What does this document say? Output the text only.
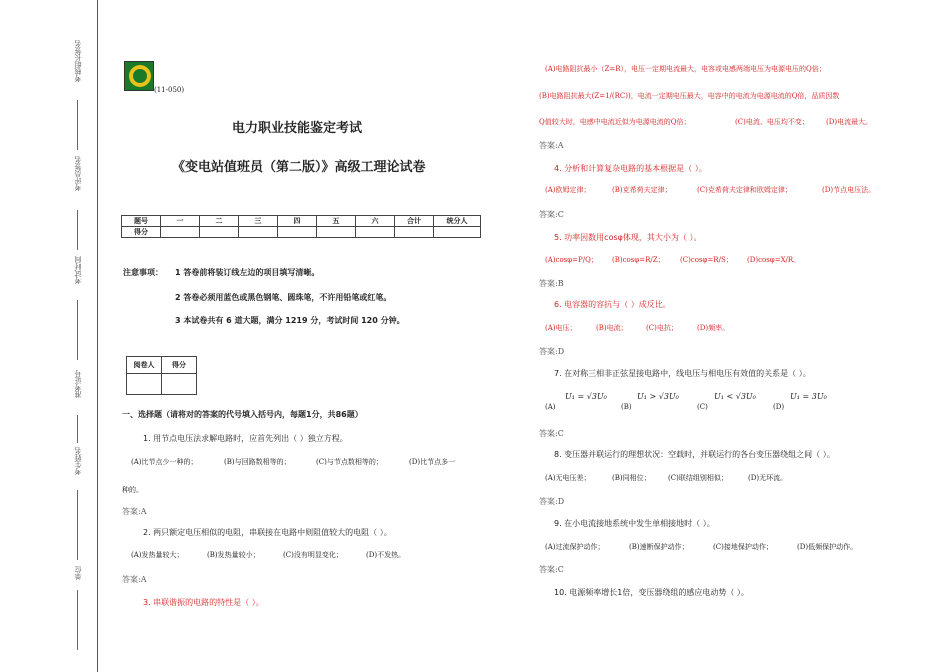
考核组长签名
考评员签名
考试时间
准考证号
考生姓名
单位
(11-050)
电力职业技能鉴定考试
《变电站值班员（第二版）》高级工理论试卷
题号	一	二	三	四	五	六	合计	统分人
得分								
注意事项： 1 答卷前将装订线左边的项目填写清晰。
2 答卷必须用蓝色或黑色钢笔、圆珠笔，不许用铅笔或红笔。
3 本试卷共有 6 道大题，满分 1219 分，考试时间 120 分钟。
阅卷人	得分

一、选择题（请将对的答案的代号填入括号内，每题1分，共86题）
1. 用节点电压法求解电路时，应首先列出（ ）独立方程。
(A)比节点少一种的；	(B)与回路数相等的；	(C)与节点数相等的；	(D)比节点多一
种的。
答案:A
2. 两只额定电压相似的电阻，串联接在电路中则阻值较大的电阻（ ）。
(A)发热量较大；	(B)发热量较小；	(C)没有明显变化；	(D)不发热。
答案:A
3. 串联谐振的电路的特性是（ ）。
(A)电路阻抗最小（Z=R），电压一定期电流最大，电容或电感两端电压为电源电压的Q倍；
(B)电路阻抗最大(Z=1/(RC))，电流一定期电压最大，电容中的电流为电源电流的Q倍，品质因数
Q值较大时，电感中电流近似为电源电流的Q倍；	(C)电流、电压均不变； (D)电流最大。
答案:A
4. 分析和计算复杂电路的基本根据是（ ）。
(A)欧姆定律；	(B)克希荷夫定律；	(C)克希荷夫定律和欧姆定律；	(D)节点电压法。
答案:C
5. 功率因数用cosφ体现，其大小为（ ）。
(A)cosφ=P/Q； (B)cosφ=R/Z； (C)cosφ=R/S； (D)cosφ=X/R。
答案:B
6. 电容器的容抗与（ ）成反比。
(A)电压；	(B)电流；	(C)电抗；	(D)频率。
答案:D
7. 在对称三相非正弦星接电路中，线电压与相电压有效值的关系是（ ）。
(A)
U₁ = √3U₀
(B)
U₁ > √3U₀
(C)
U₁ < √3U₀
(D)
U₁ = 3U₀
答案:C
8. 变压器并联运行的理想状况：空载时，并联运行的各台变压器绕组之间（ ）。
(A)无电压差；	(B)同相位； (C)联结组别相似；	(D)无环流。
答案:D
9. 在小电流接地系统中发生单相接地时（ ）。
(A)过流保护动作；	(B)速断保护动作；	(C)接地保护动作；	(D)低频保护动作。
答案:C
10. 电源频率增长1倍，变压器绕组的感应电动势（ ）。
